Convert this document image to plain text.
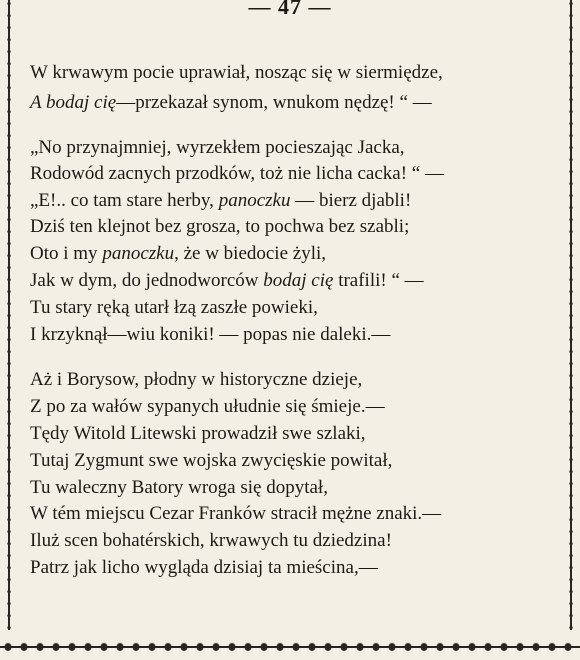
— 47 —
W krwawym pocie uprawiał, nosząc się w siermiędze,
A bodaj cię—przekazał synom, wnukom nędzę! “ —
„No przynajmniej, wyrzekłem pocieszając Jacka,
Rodowód zacnych przodków, toż nie licha cacka! “ —
„E!.. co tam stare herby, panoczku — bierz djabli!
Dziś ten klejnot bez grosza, to pochwa bez szabli;
Oto i my panoczku, że w biedocie żyli,
Jak w dym, do jednodworców bodaj cię trafili! “ —
Tu stary ręką utarł łzą zaszłe powieki,
I krzyknął—wiu koniki! — popas nie daleki.—
Aż i Borysow, płodny w historyczne dzieje,
Z po za wałów sypanych ułudnie się śmieje.—
Tędy Witold Litewski prowadził swe szlaki,
Tutaj Zygmunt swe wojska zwycięskie powitał,
Tu waleczny Batory wroga się dopytał,
W tém miejscu Cezar Franków stracił mężne znaki.—
Iluż scen bohatérskich, krwawych tu dziedzina!
Patrz jak licho wygląda dzisiaj ta mieścina,—
